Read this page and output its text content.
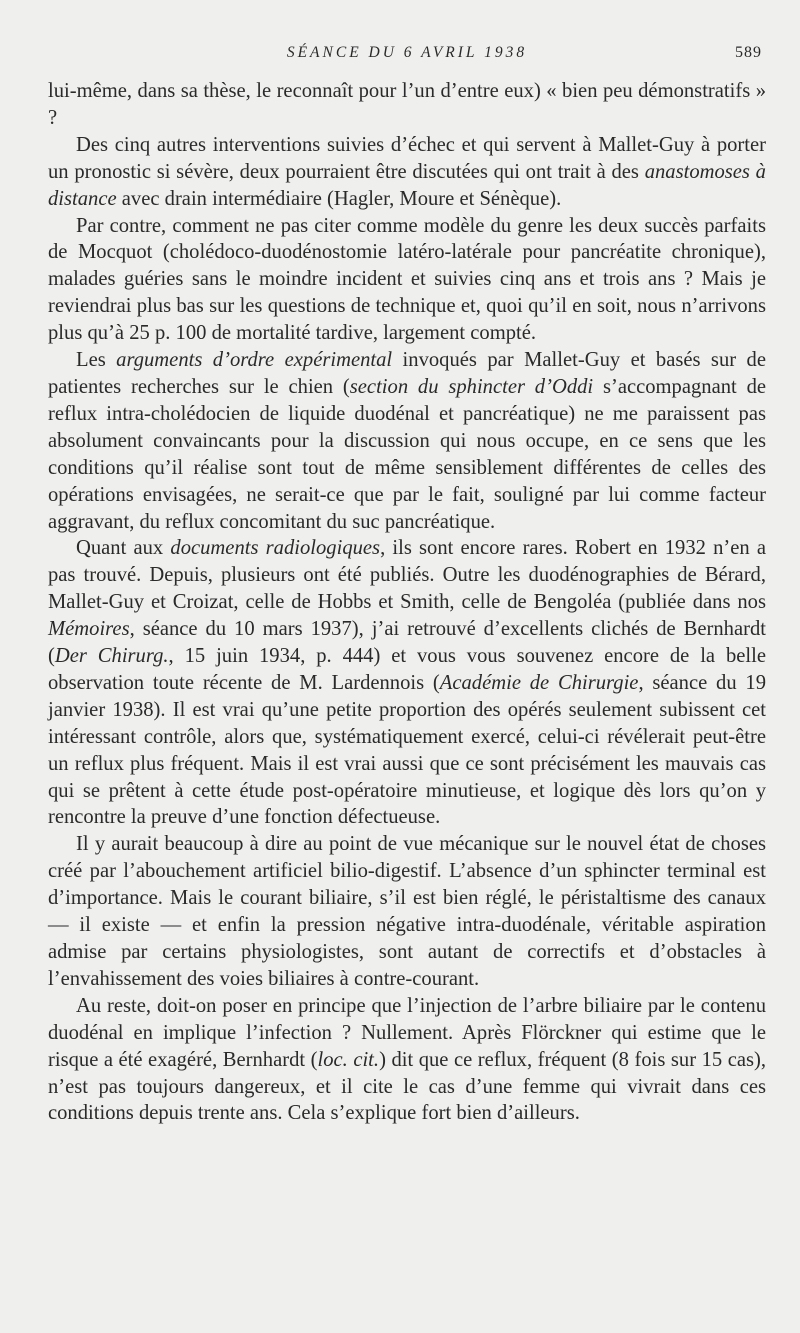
SÉANCE DU 6 AVRIL 1938	589

lui-même, dans sa thèse, le reconnaît pour l’un d’entre eux) « bien peu démonstratifs » ?

Des cinq autres interventions suivies d’échec et qui servent à Mallet-Guy à porter un pronostic si sévère, deux pourraient être discutées qui ont trait à des anastomoses à distance avec drain intermédiaire (Hagler, Moure et Sénèque).

Par contre, comment ne pas citer comme modèle du genre les deux succès parfaits de Mocquot (cholédoco-duodénostomie latéro-latérale pour pancréatite chronique), malades guéries sans le moindre incident et suivies cinq ans et trois ans ? Mais je reviendrai plus bas sur les questions de technique et, quoi qu’il en soit, nous n’arrivons plus qu’à 25 p. 100 de mortalité tardive, largement compté.

Les arguments d’ordre expérimental invoqués par Mallet-Guy et basés sur de patientes recherches sur le chien (section du sphincter d’Oddi s’accompagnant de reflux intra-cholédocien de liquide duodénal et pancréatique) ne me paraissent pas absolument convaincants pour la discussion qui nous occupe, en ce sens que les conditions qu’il réalise sont tout de même sensiblement différentes de celles des opérations envisagées, ne serait-ce que par le fait, souligné par lui comme facteur aggravant, du reflux concomitant du suc pancréatique.

Quant aux documents radiologiques, ils sont encore rares. Robert en 1932 n’en a pas trouvé. Depuis, plusieurs ont été publiés. Outre les duodénographies de Bérard, Mallet-Guy et Croizat, celle de Hobbs et Smith, celle de Bengoléa (publiée dans nos Mémoires, séance du 10 mars 1937), j’ai retrouvé d’excellents clichés de Bernhardt (Der Chirurg., 15 juin 1934, p. 444) et vous vous souvenez encore de la belle observation toute récente de M. Lardennois (Académie de Chirurgie, séance du 19 janvier 1938). Il est vrai qu’une petite proportion des opérés seulement subissent cet intéressant contrôle, alors que, systématiquement exercé, celui-ci révélerait peut-être un reflux plus fréquent. Mais il est vrai aussi que ce sont précisément les mauvais cas qui se prêtent à cette étude post-opératoire minutieuse, et logique dès lors qu’on y rencontre la preuve d’une fonction défectueuse.

Il y aurait beaucoup à dire au point de vue mécanique sur le nouvel état de choses créé par l’abouchement artificiel bilio-digestif. L’absence d’un sphincter terminal est d’importance. Mais le courant biliaire, s’il est bien réglé, le péristaltisme des canaux — il existe — et enfin la pression négative intra-duodénale, véritable aspiration admise par certains physiologistes, sont autant de correctifs et d’obstacles à l’envahissement des voies biliaires à contre-courant.

Au reste, doit-on poser en principe que l’injection de l’arbre biliaire par le contenu duodénal en implique l’infection ? Nullement. Après Flörckner qui estime que le risque a été exagéré, Bernhardt (loc. cit.) dit que ce reflux, fréquent (8 fois sur 15 cas), n’est pas toujours dangereux, et il cite le cas d’une femme qui vivrait dans ces conditions depuis trente ans. Cela s’explique fort bien d’ailleurs.
